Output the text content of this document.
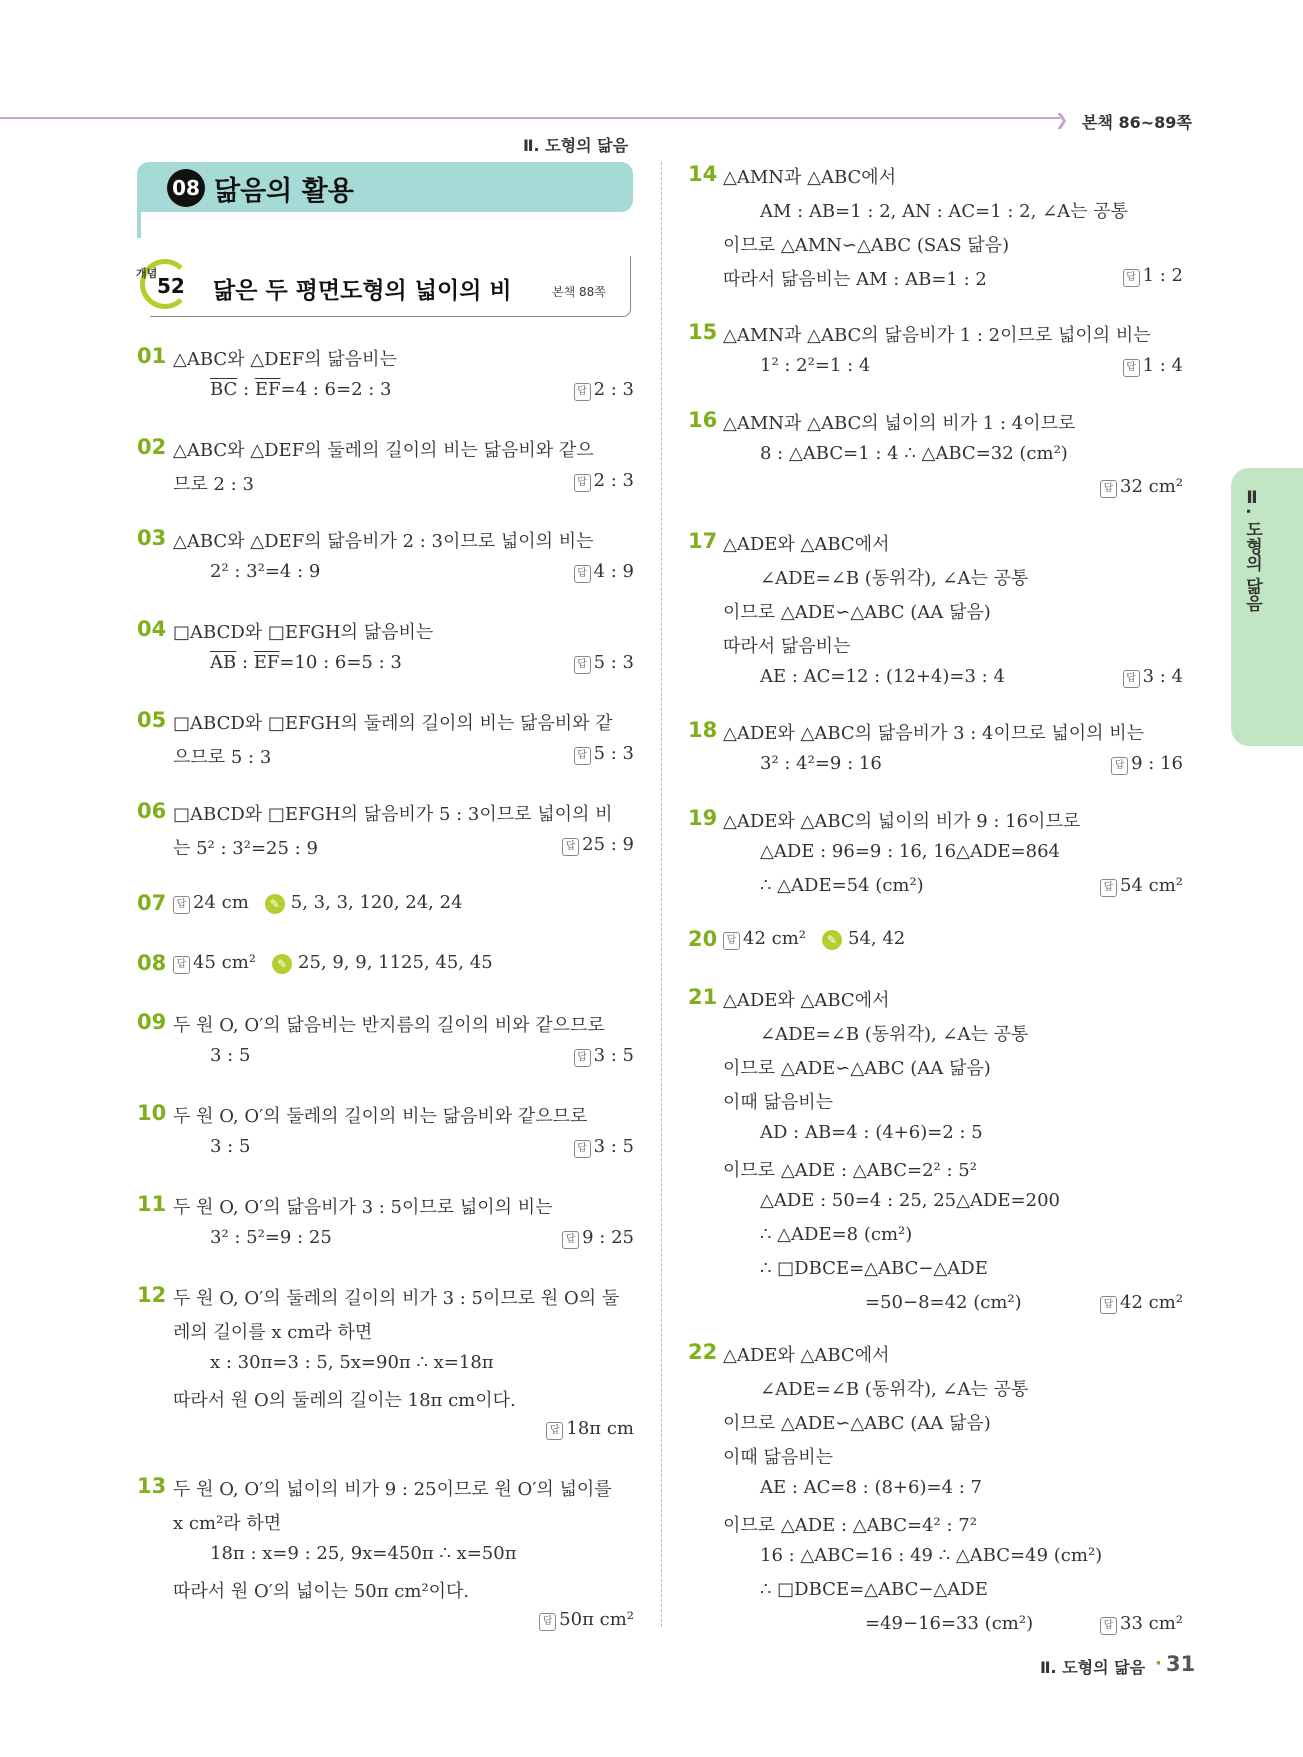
❯ 본책 86~89쪽
Ⅱ. 도형의 닮음
08 닮음의 활용
개념
52 닮은 두 평면도형의 넓이의 비	본책 88쪽
01 △ABC와 △DEF의 닮음비는
$\overline{BC}$ : $\overline{EF}=4$ : 6=2 : 3	답 2 : 3
02 △ABC와 △DEF의 둘레의 길이의 비는 닮음비와 같으
므로 2 : 3	답 2 : 3
03 △ABC와 △DEF의 닮음비가 2 : 3이므로 넓이의 비는
2² : 3²=4 : 9	답 4 : 9
04 □ABCD와 □EFGH의 닮음비는
$\overline{AB}$ : $\overline{EF}=10$ : 6=5 : 3	답 5 : 3
05 □ABCD와 □EFGH의 둘레의 길이의 비는 닮음비와 같
으므로 5 : 3	답 5 : 3
06 □ABCD와 □EFGH의 닮음비가 5 : 3이므로 넓이의 비
는 5² : 3²=25 : 9	답 25 : 9
07	답 24 cm ✎ 5, 3, 3, 120, 24, 24
08	답 45 cm² ✎ 25, 9, 9, 1125, 45, 45
09 두 원 O, O′의 닮음비는 반지름의 길이의 비와 같으므로
3 : 5	답 3 : 5
10 두 원 O, O′의 둘레의 길이의 비는 닮음비와 같으므로
3 : 5	답 3 : 5
11 두 원 O, O′의 닮음비가 3 : 5이므로 넓이의 비는
3² : 5²=9 : 25	답 9 : 25
12 두 원 O, O′의 둘레의 길이의 비가 3 : 5이므로 원 O의 둘
레의 길이를 x cm라 하면
x : 30π=3 : 5, 5x=90π ∴ x=18π
따라서 원 O의 둘레의 길이는 18π cm이다.
답 18π cm
13 두 원 O, O′의 넓이의 비가 9 : 25이므로 원 O′의 넓이를
x cm²라 하면
18π : x=9 : 25, 9x=450π ∴ x=50π
따라서 원 O′의 넓이는 50π cm²이다.
답 50π cm²
14 △AMN과 △ABC에서
AM : AB=1 : 2, AN : AC=1 : 2, ∠A는 공통
이므로 △AMN∽△ABC (SAS 닮음)
따라서 닮음비는 AM : AB=1 : 2	답 1 : 2
15 △AMN과 △ABC의 닮음비가 1 : 2이므로 넓이의 비는
1² : 2²=1 : 4	답 1 : 4
16 △AMN과 △ABC의 넓이의 비가 1 : 4이므로
8 : △ABC=1 : 4 ∴ △ABC=32 (cm²)
답 32 cm²
17 △ADE와 △ABC에서
∠ADE=∠B (동위각), ∠A는 공통
이므로 △ADE∽△ABC (AA 닮음)
따라서 닮음비는
AE : AC=12 : (12+4)=3 : 4	답 3 : 4
18 △ADE와 △ABC의 닮음비가 3 : 4이므로 넓이의 비는
3² : 4²=9 : 16	답 9 : 16
19 △ADE와 △ABC의 넓이의 비가 9 : 16이므로
△ADE : 96=9 : 16, 16△ADE=864
∴ △ADE=54 (cm²)	답 54 cm²
20 답 42 cm² ✎ 54, 42
21 △ADE와 △ABC에서
∠ADE=∠B (동위각), ∠A는 공통
이므로 △ADE∽△ABC (AA 닮음)
이때 닮음비는
AD : AB=4 : (4+6)=2 : 5
이므로 △ADE : △ABC=2² : 5²
△ADE : 50=4 : 25, 25△ADE=200
∴ △ADE=8 (cm²)
∴ □DBCE=△ABC−△ADE
=50−8=42 (cm²)	답 42 cm²
22 △ADE와 △ABC에서
∠ADE=∠B (동위각), ∠A는 공통
이므로 △ADE∽△ABC (AA 닮음)
이때 닮음비는
AE : AC=8 : (8+6)=4 : 7
이므로 △ADE : △ABC=4² : 7²
16 : △ABC=16 : 49 ∴ △ABC=49 (cm²)
∴ □DBCE=△ABC−△ADE
=49−16=33 (cm²)	답 33 cm²
Ⅱ. 도형의 닮음
Ⅱ. 도형의 닮음 · 31
